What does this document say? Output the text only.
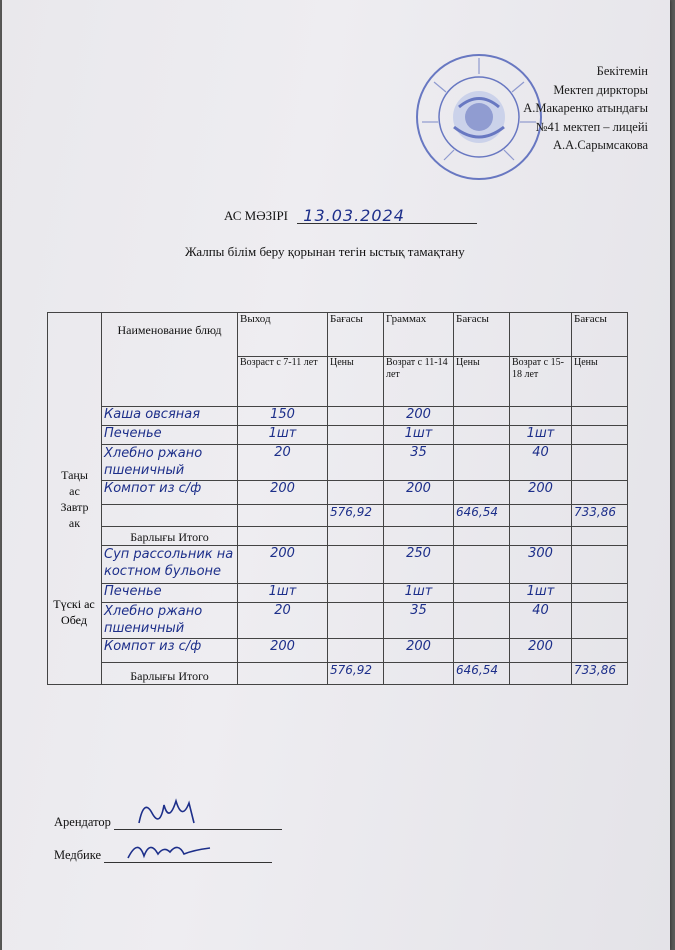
Бекітемін
Мектеп дирктоpы
А.Макаренко атындағы
№41 мектеп – лицейі
А.А.Сарымсакова
АС МӘЗІРІ 13.03.2024
Жалпы білім беру қорынан тегін ыстық тамақтану
Таңы ас Завтр ак	Наименование блюд	Выход	Бағасы	Граммах	Бағасы		Бағасы
		Возраст с 7-11 лет	Цены	Возрат с 11-14 лет	Цены	Возрат с 15-18 лет	Цены
	Каша овсяная	150		200			
	Печенье	1шт		1шт		1шт	
	Хлебно ржано пшеничный	20		35		40	
	Компот из с/ф	200		200		200	
			576,92		646,54		733,86
	Барлығы Итого						
	Суп рассольник на костном бульоне	200		250		300	
	Печенье	1шт		1шт		1шт	
	Хлебно ржано пшеничный	20		35		40	
	Компот из с/ф	200		200		200	
	Барлығы Итого		576,92		646,54		733,86
Түскі ас Обед
Арендатор
Медбике
